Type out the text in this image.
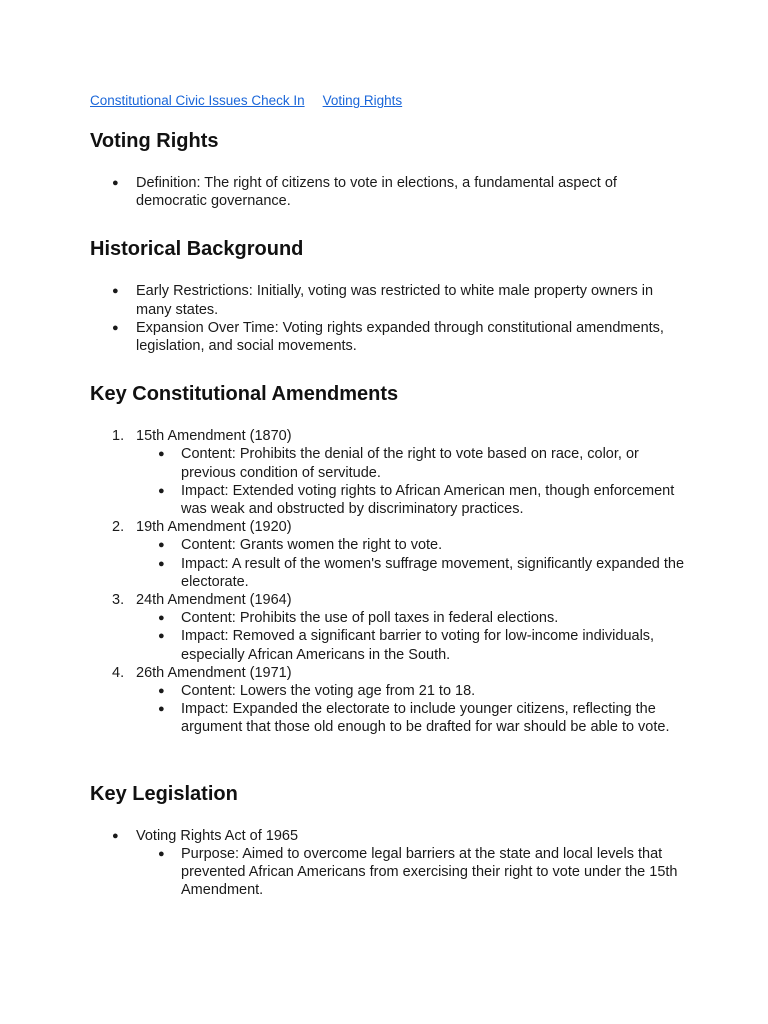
Constitutional Civic Issues Check In Voting Rights

Voting Rights
● Definition: The right of citizens to vote in elections, a fundamental aspect of democratic governance.
Historical Background
● Early Restrictions: Initially, voting was restricted to white male property owners in many states.
● Expansion Over Time: Voting rights expanded through constitutional amendments, legislation, and social movements.
Key Constitutional Amendments
1. 15th Amendment (1870)
● Content: Prohibits the denial of the right to vote based on race, color, or previous condition of servitude.
● Impact: Extended voting rights to African American men, though enforcement was weak and obstructed by discriminatory practices.
2. 19th Amendment (1920)
● Content: Grants women the right to vote.
● Impact: A result of the women's suffrage movement, significantly expanded the electorate.
3. 24th Amendment (1964)
● Content: Prohibits the use of poll taxes in federal elections.
● Impact: Removed a significant barrier to voting for low-income individuals, especially African Americans in the South.
4. 26th Amendment (1971)
● Content: Lowers the voting age from 21 to 18.
● Impact: Expanded the electorate to include younger citizens, reflecting the argument that those old enough to be drafted for war should be able to vote.
Key Legislation
● Voting Rights Act of 1965
● Purpose: Aimed to overcome legal barriers at the state and local levels that prevented African Americans from exercising their right to vote under the 15th Amendment.
